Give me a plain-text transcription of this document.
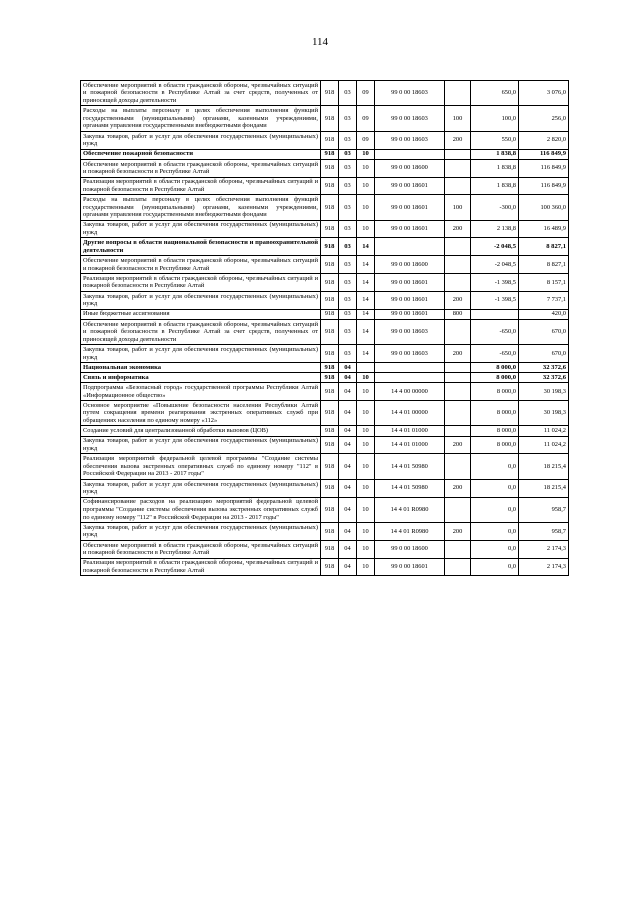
114
Обеспечение мероприятий в области гражданской обороны, чрезвычайных ситуаций и пожарной безопасности в Республике Алтай за счет средств, полученных от приносящей доходы деятельности	918	03	09	99 0 00 18603		650,0	3 076,0
Расходы на выплаты персоналу в целях обеспечения выполнения функций государственными (муниципальными) органами, казенными учреждениями, органами управления государственными внебюджетными фондами	918	03	09	99 0 00 18603	100	100,0	256,0
Закупка товаров, работ и услуг для обеспечения государственных (муниципальных) нужд	918	03	09	99 0 00 18603	200	550,0	2 820,0
Обеспечение пожарной безопасности	918	03	10			1 838,8	116 849,9
Обеспечение мероприятий в области гражданской обороны, чрезвычайных ситуаций и пожарной безопасности в Республике Алтай	918	03	10	99 0 00 18600		1 838,8	116 849,9
Реализация мероприятий в области гражданской обороны, чрезвычайных ситуаций и пожарной безопасности в Республике Алтай	918	03	10	99 0 00 18601		1 838,8	116 849,9
Расходы на выплаты персоналу в целях обеспечения выполнения функций государственными (муниципальными) органами, казенными учреждениями, органами управления государственными внебюджетными фондами	918	03	10	99 0 00 18601	100	-300,0	100 360,0
Закупка товаров, работ и услуг для обеспечения государственных (муниципальных) нужд	918	03	10	99 0 00 18601	200	2 138,8	16 489,9
Другие вопросы в области национальной безопасности и правоохранительной деятельности	918	03	14			-2 048,5	8 827,1
Обеспечение мероприятий в области гражданской обороны, чрезвычайных ситуаций и пожарной безопасности в Республике Алтай	918	03	14	99 0 00 18600		-2 048,5	8 827,1
Реализация мероприятий в области гражданской обороны, чрезвычайных ситуаций и пожарной безопасности в Республике Алтай	918	03	14	99 0 00 18601		-1 398,5	8 157,1
Закупка товаров, работ и услуг для обеспечения государственных (муниципальных) нужд	918	03	14	99 0 00 18601	200	-1 398,5	7 737,1
Иные бюджетные ассигнования	918	03	14	99 0 00 18601	800		420,0
Обеспечение мероприятий в области гражданской обороны, чрезвычайных ситуаций и пожарной безопасности в Республике Алтай за счет средств, полученных от приносящей доходы деятельности	918	03	14	99 0 00 18603		-650,0	670,0
Закупка товаров, работ и услуг для обеспечения государственных (муниципальных) нужд	918	03	14	99 0 00 18603	200	-650,0	670,0
Национальная экономика	918	04				8 000,0	32 372,6
Связь и информатика	918	04	10			8 000,0	32 372,6
Подпрограмма «Безопасный город» государственной программы Республики Алтай «Информационное общество»	918	04	10	14 4 00 00000		8 000,0	30 198,3
Основное мероприятие «Повышение безопасности населения Республики Алтай путем сокращения времени реагирования экстренных оперативных служб при обращениях населения по единому номеру «112»	918	04	10	14 4 01 00000		8 000,0	30 198,3
Создание условий для централизованной обработки вызовов (ЦОВ)	918	04	10	14 4 01 01000		8 000,0	11 024,2
Закупка товаров, работ и услуг для обеспечения государственных (муниципальных) нужд	918	04	10	14 4 01 01000	200	8 000,0	11 024,2
Реализация мероприятий федеральной целевой программы "Создание системы обеспечения вызова экстренных оперативных служб по единому номеру "112" в Российской Федерации на 2013 - 2017 годы"	918	04	10	14 4 01 50980		0,0	18 215,4
Закупка товаров, работ и услуг для обеспечения государственных (муниципальных) нужд	918	04	10	14 4 01 50980	200	0,0	18 215,4
Софинансирование расходов на реализацию мероприятий федеральной целевой программы "Создание системы обеспечения вызова экстренных оперативных служб по единому номеру "112" в Российской Федерации на 2013 - 2017 годы"	918	04	10	14 4 01 R0980		0,0	958,7
Закупка товаров, работ и услуг для обеспечения государственных (муниципальных) нужд	918	04	10	14 4 01 R0980	200	0,0	958,7
Обеспечение мероприятий в области гражданской обороны, чрезвычайных ситуаций и пожарной безопасности в Республике Алтай	918	04	10	99 0 00 18600		0,0	2 174,3
Реализация мероприятий в области гражданской обороны, чрезвычайных ситуаций и пожарной безопасности в Республике Алтай	918	04	10	99 0 00 18601		0,0	2 174,3
